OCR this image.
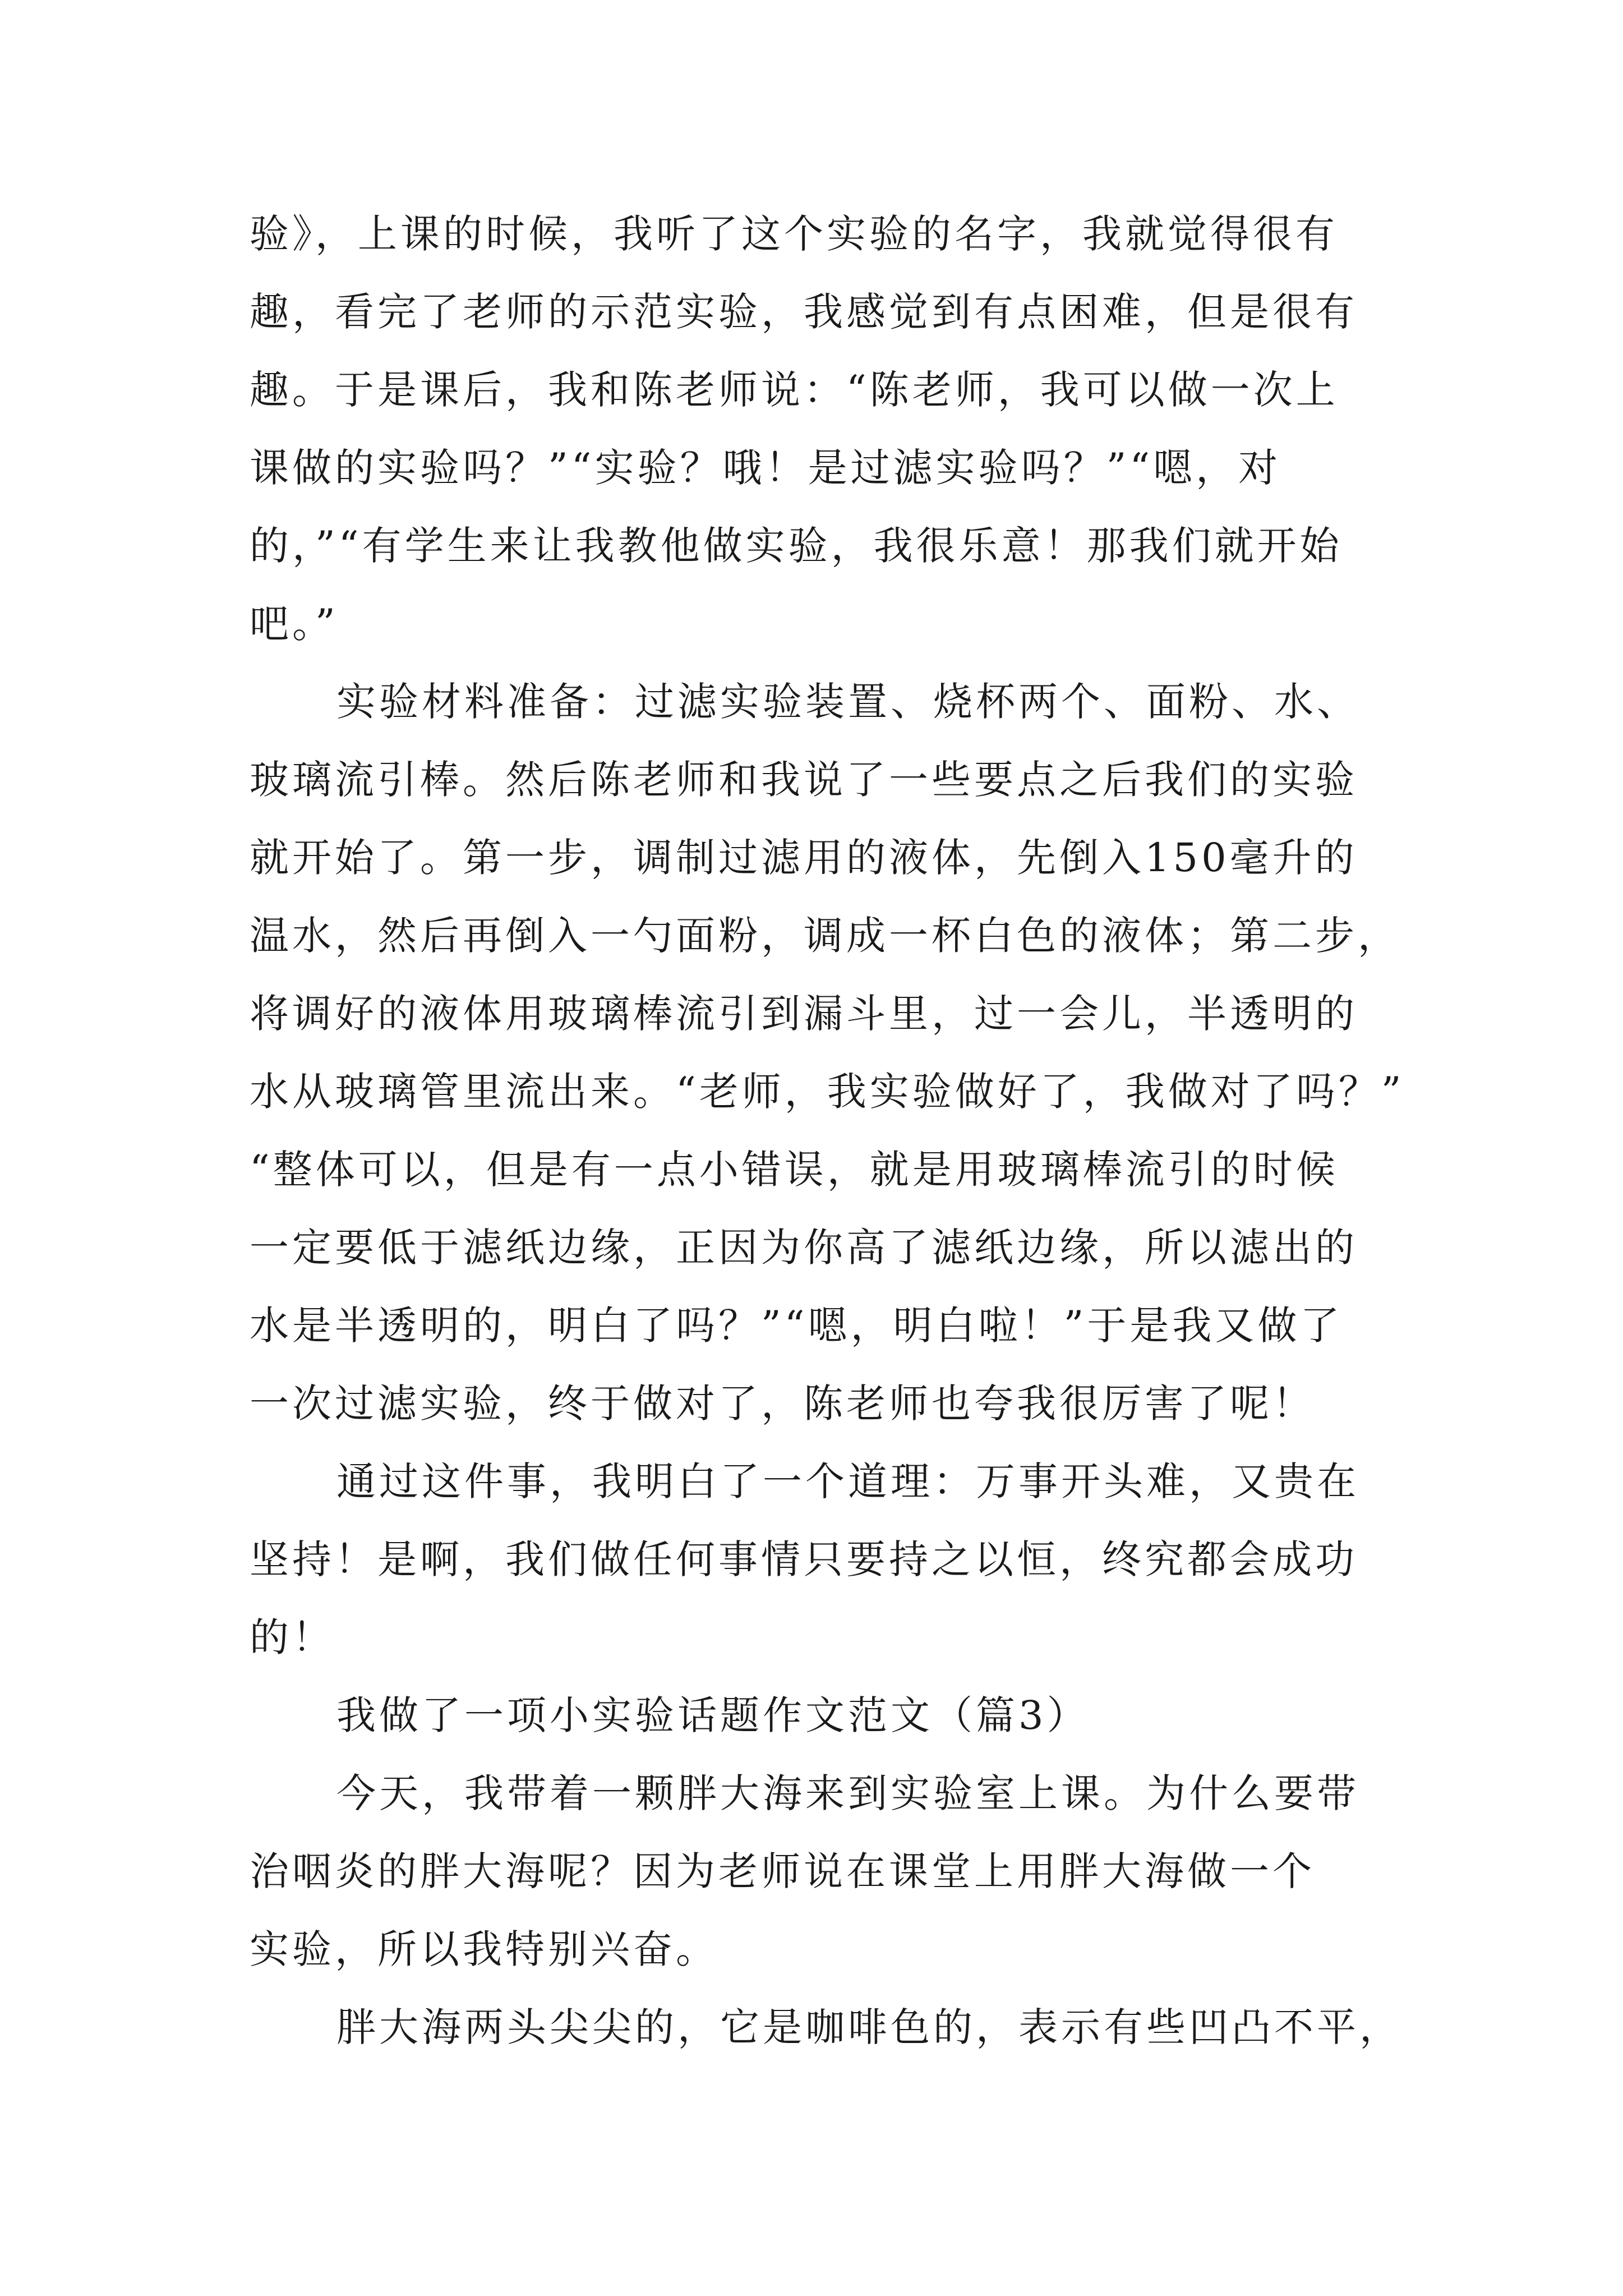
验》，上课的时候，我听了这个实验的名字，我就觉得很有
趣，看完了老师的示范实验，我感觉到有点困难，但是很有
趣。于是课后，我和陈老师说：“陈老师，我可以做一次上
课做的实验吗？”“实验？哦！是过滤实验吗？”“嗯，对
的，”“有学生来让我教他做实验，我很乐意！那我们就开始
吧。”
实验材料准备：过滤实验装置、烧杯两个、面粉、水、
玻璃流引棒。然后陈老师和我说了一些要点之后我们的实验
就开始了。第一步，调制过滤用的液体，先倒入150毫升的
温水，然后再倒入一勺面粉，调成一杯白色的液体；第二步，
将调好的液体用玻璃棒流引到漏斗里，过一会儿，半透明的
水从玻璃管里流出来。“老师，我实验做好了，我做对了吗？”
“整体可以，但是有一点小错误，就是用玻璃棒流引的时候
一定要低于滤纸边缘，正因为你高了滤纸边缘，所以滤出的
水是半透明的，明白了吗？”“嗯，明白啦！”于是我又做了
一次过滤实验，终于做对了，陈老师也夸我很厉害了呢！
通过这件事，我明白了一个道理：万事开头难，又贵在
坚持！是啊，我们做任何事情只要持之以恒，终究都会成功
的！
我做了一项小实验话题作文范文（篇3）
今天，我带着一颗胖大海来到实验室上课。为什么要带
治咽炎的胖大海呢？因为老师说在课堂上用胖大海做一个
实验，所以我特别兴奋。
胖大海两头尖尖的，它是咖啡色的，表示有些凹凸不平，
